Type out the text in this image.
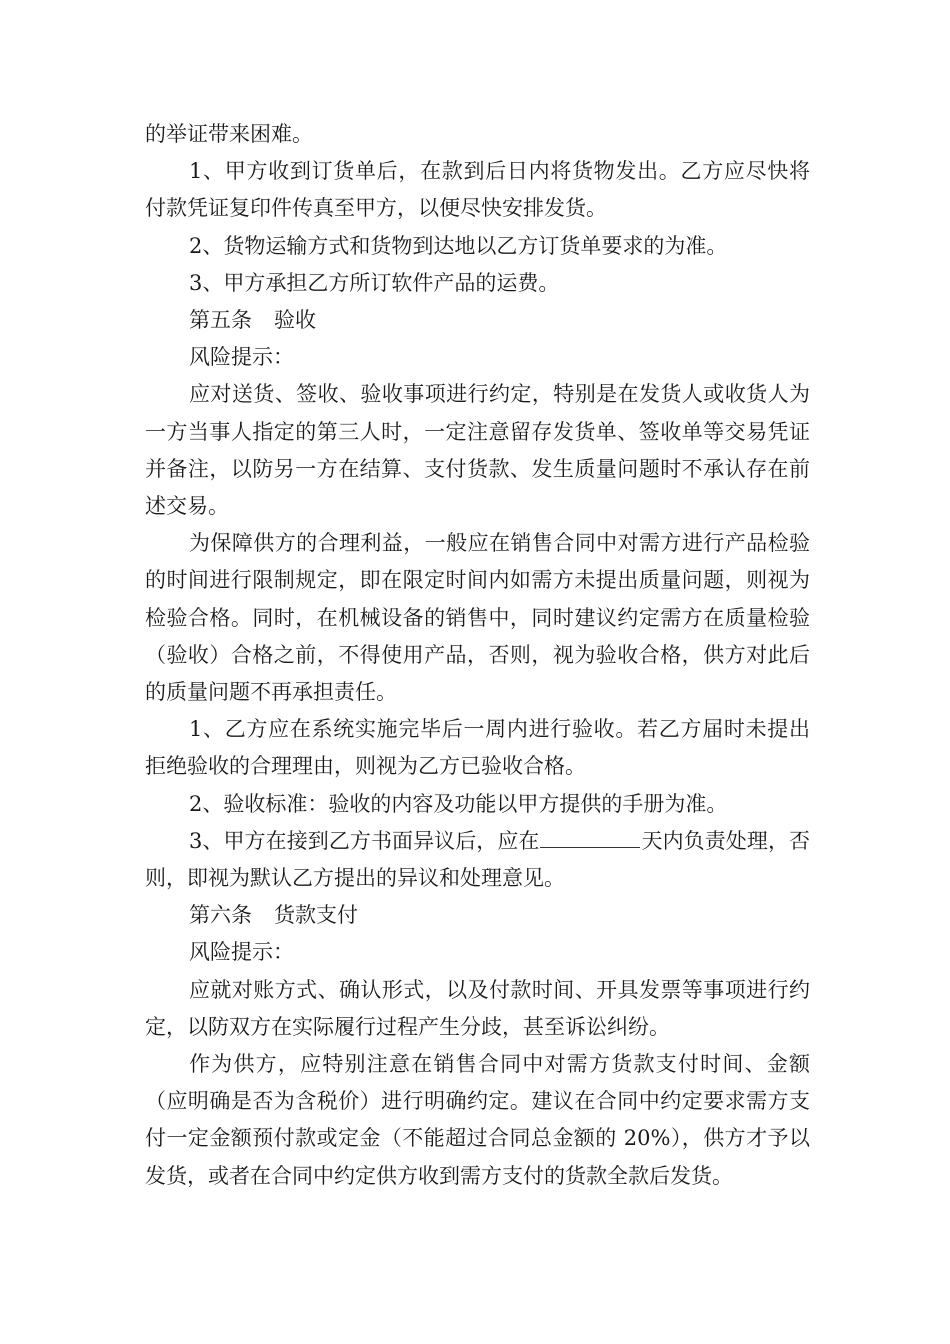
的举证带来困难。

1、甲方收到订货单后，在款到后日内将货物发出。乙方应尽快将付款凭证复印件传真至甲方，以便尽快安排发货。

2、货物运输方式和货物到达地以乙方订货单要求的为准。

3、甲方承担乙方所订软件产品的运费。

第五条 验收

风险提示：

应对送货、签收、验收事项进行约定，特别是在发货人或收货人为一方当事人指定的第三人时，一定注意留存发货单、签收单等交易凭证并备注，以防另一方在结算、支付货款、发生质量问题时不承认存在前述交易。

为保障供方的合理利益，一般应在销售合同中对需方进行产品检验的时间进行限制规定，即在限定时间内如需方未提出质量问题，则视为检验合格。同时，在机械设备的销售中，同时建议约定需方在质量检验（验收）合格之前，不得使用产品，否则，视为验收合格，供方对此后的质量问题不再承担责任。

1、乙方应在系统实施完毕后一周内进行验收。若乙方届时未提出拒绝验收的合理理由，则视为乙方已验收合格。

2、验收标准：验收的内容及功能以甲方提供的手册为准。

3、甲方在接到乙方书面异议后，应在	天内负责处理，否则，即视为默认乙方提出的异议和处理意见。

第六条 货款支付

风险提示：

应就对账方式、确认形式，以及付款时间、开具发票等事项进行约定，以防双方在实际履行过程产生分歧，甚至诉讼纠纷。

作为供方，应特别注意在销售合同中对需方货款支付时间、金额（应明确是否为含税价）进行明确约定。建议在合同中约定要求需方支付一定金额预付款或定金（不能超过合同总金额的 20%），供方才予以发货，或者在合同中约定供方收到需方支付的货款全款后发货。
